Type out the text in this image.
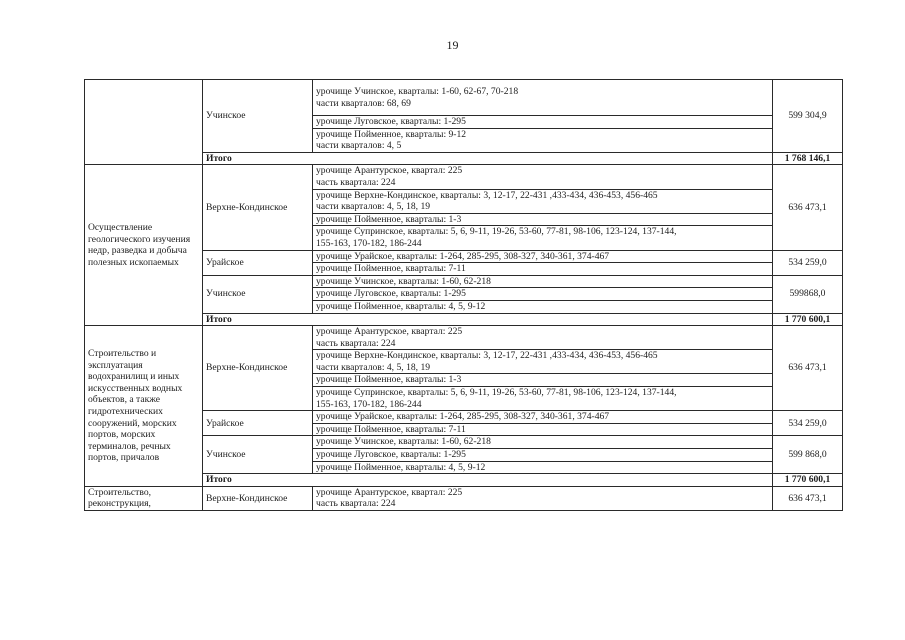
19
	Учинское	урочище Учинское, кварталы: 1-60, 62-67, 70-218
части кварталов: 68, 69	599 304,9

		урочище Луговское, кварталы: 1-295	

		урочище Пойменное, кварталы: 9-12
части кварталов: 4, 5	

	Итого		1 768 146,1
Осуществление геологического изучения недр, разведка и добыча полезных ископаемых	Верхне-Кондинское	урочище Арантурское, квартал: 225
часть квартала: 224	636 473,1

		урочище Верхне-Кондинское, кварталы: 3, 12-17, 22-431 ,433-434, 436-453, 456-465
части кварталов: 4, 5, 18, 19	

		урочище Пойменное, кварталы: 1-3	

		урочище Супринское, кварталы: 5, 6, 9-11, 19-26, 53-60, 77-81, 98-106, 123-124, 137-144,
155-163, 170-182, 186-244	

	Урайское	урочище Урайское, кварталы: 1-264, 285-295, 308-327, 340-361, 374-467	534 259,0

		урочище Пойменное, кварталы: 7-11	

	Учинское	урочище Учинское, кварталы: 1-60, 62-218	599868,0

		урочище Луговское, кварталы: 1-295	

		урочище Пойменное, кварталы: 4, 5, 9-12	

	Итого		1 770 600,1
Строительство и эксплуатация водохранилищ и иных искусственных водных объектов, а также гидротехнических сооружений, морских портов, морских терминалов, речных портов, причалов	Верхне-Кондинское	урочище Арантурское, квартал: 225
часть квартала: 224	636 473,1

		урочище Верхне-Кондинское, кварталы: 3, 12-17, 22-431 ,433-434, 436-453, 456-465
части кварталов: 4, 5, 18, 19	

		урочище Пойменное, кварталы: 1-3	

		урочище Супринское, кварталы: 5, 6, 9-11, 19-26, 53-60, 77-81, 98-106, 123-124, 137-144,
155-163, 170-182, 186-244	

	Урайское	урочище Урайское, кварталы: 1-264, 285-295, 308-327, 340-361, 374-467	534 259,0

		урочище Пойменное, кварталы: 7-11	

	Учинское	урочище Учинское, кварталы: 1-60, 62-218	599 868,0

		урочище Луговское, кварталы: 1-295	

		урочище Пойменное, кварталы: 4, 5, 9-12	

	Итого		1 770 600,1
Строительство, реконструкция,	Верхне-Кондинское	урочище Арантурское, квартал: 225
часть квартала: 224	636 473,1
